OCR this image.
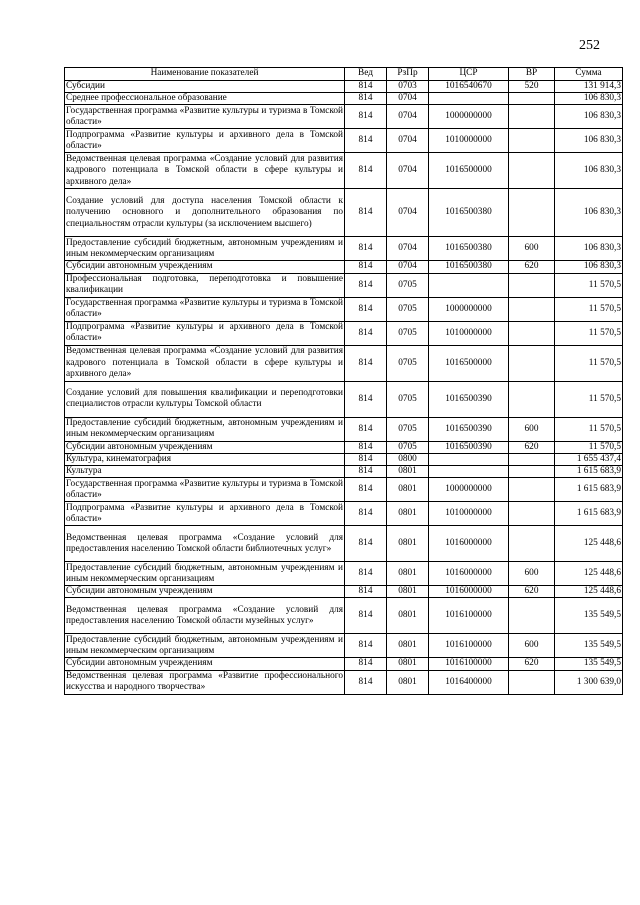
252
Наименование показателей	Вед	РзПр	ЦСР	ВР	Сумма
Субсидии	814	0703	1016540670	520	131 914,3
Среднее профессиональное образование	814	0704			106 830,3
Государственная программа «Развитие культуры и туризма в Томской области»	814	0704	1000000000		106 830,3
Подпрограмма «Развитие культуры и архивного дела в Томской области»	814	0704	1010000000		106 830,3
Ведомственная целевая программа «Создание условий для развития кадрового потенциала в Томской области в сфере культуры и архивного дела»	814	0704	1016500000		106 830,3
Создание условий для доступа населения Томской области к получению основного и дополнительного образования по специальностям отрасли культуры (за исключением высшего)	814	0704	1016500380		106 830,3
Предоставление субсидий бюджетным, автономным учреждениям и иным некоммерческим организациям	814	0704	1016500380	600	106 830,3
Субсидии автономным учреждениям	814	0704	1016500380	620	106 830,3
Профессиональная подготовка, переподготовка и повышение квалификации	814	0705			11 570,5
Государственная программа «Развитие культуры и туризма в Томской области»	814	0705	1000000000		11 570,5
Подпрограмма «Развитие культуры и архивного дела в Томской области»	814	0705	1010000000		11 570,5
Ведомственная целевая программа «Создание условий для развития кадрового потенциала в Томской области в сфере культуры и архивного дела»	814	0705	1016500000		11 570,5
Создание условий для повышения квалификации и переподготовки специалистов отрасли культуры Томской области	814	0705	1016500390		11 570,5
Предоставление субсидий бюджетным, автономным учреждениям и иным некоммерческим организациям	814	0705	1016500390	600	11 570,5
Субсидии автономным учреждениям	814	0705	1016500390	620	11 570,5
Культура, кинематография	814	0800			1 655 437,4
Культура	814	0801			1 615 683,9
Государственная программа «Развитие культуры и туризма в Томской области»	814	0801	1000000000		1 615 683,9
Подпрограмма «Развитие культуры и архивного дела в Томской области»	814	0801	1010000000		1 615 683,9
Ведомственная целевая программа «Создание условий для предоставления населению Томской области библиотечных услуг»	814	0801	1016000000		125 448,6
Предоставление субсидий бюджетным, автономным учреждениям и иным некоммерческим организациям	814	0801	1016000000	600	125 448,6
Субсидии автономным учреждениям	814	0801	1016000000	620	125 448,6
Ведомственная целевая программа «Создание условий для предоставления населению Томской области музейных услуг»	814	0801	1016100000		135 549,5
Предоставление субсидий бюджетным, автономным учреждениям и иным некоммерческим организациям	814	0801	1016100000	600	135 549,5
Субсидии автономным учреждениям	814	0801	1016100000	620	135 549,5
Ведомственная целевая программа «Развитие профессионального искусства и народного творчества»	814	0801	1016400000		1 300 639,0
